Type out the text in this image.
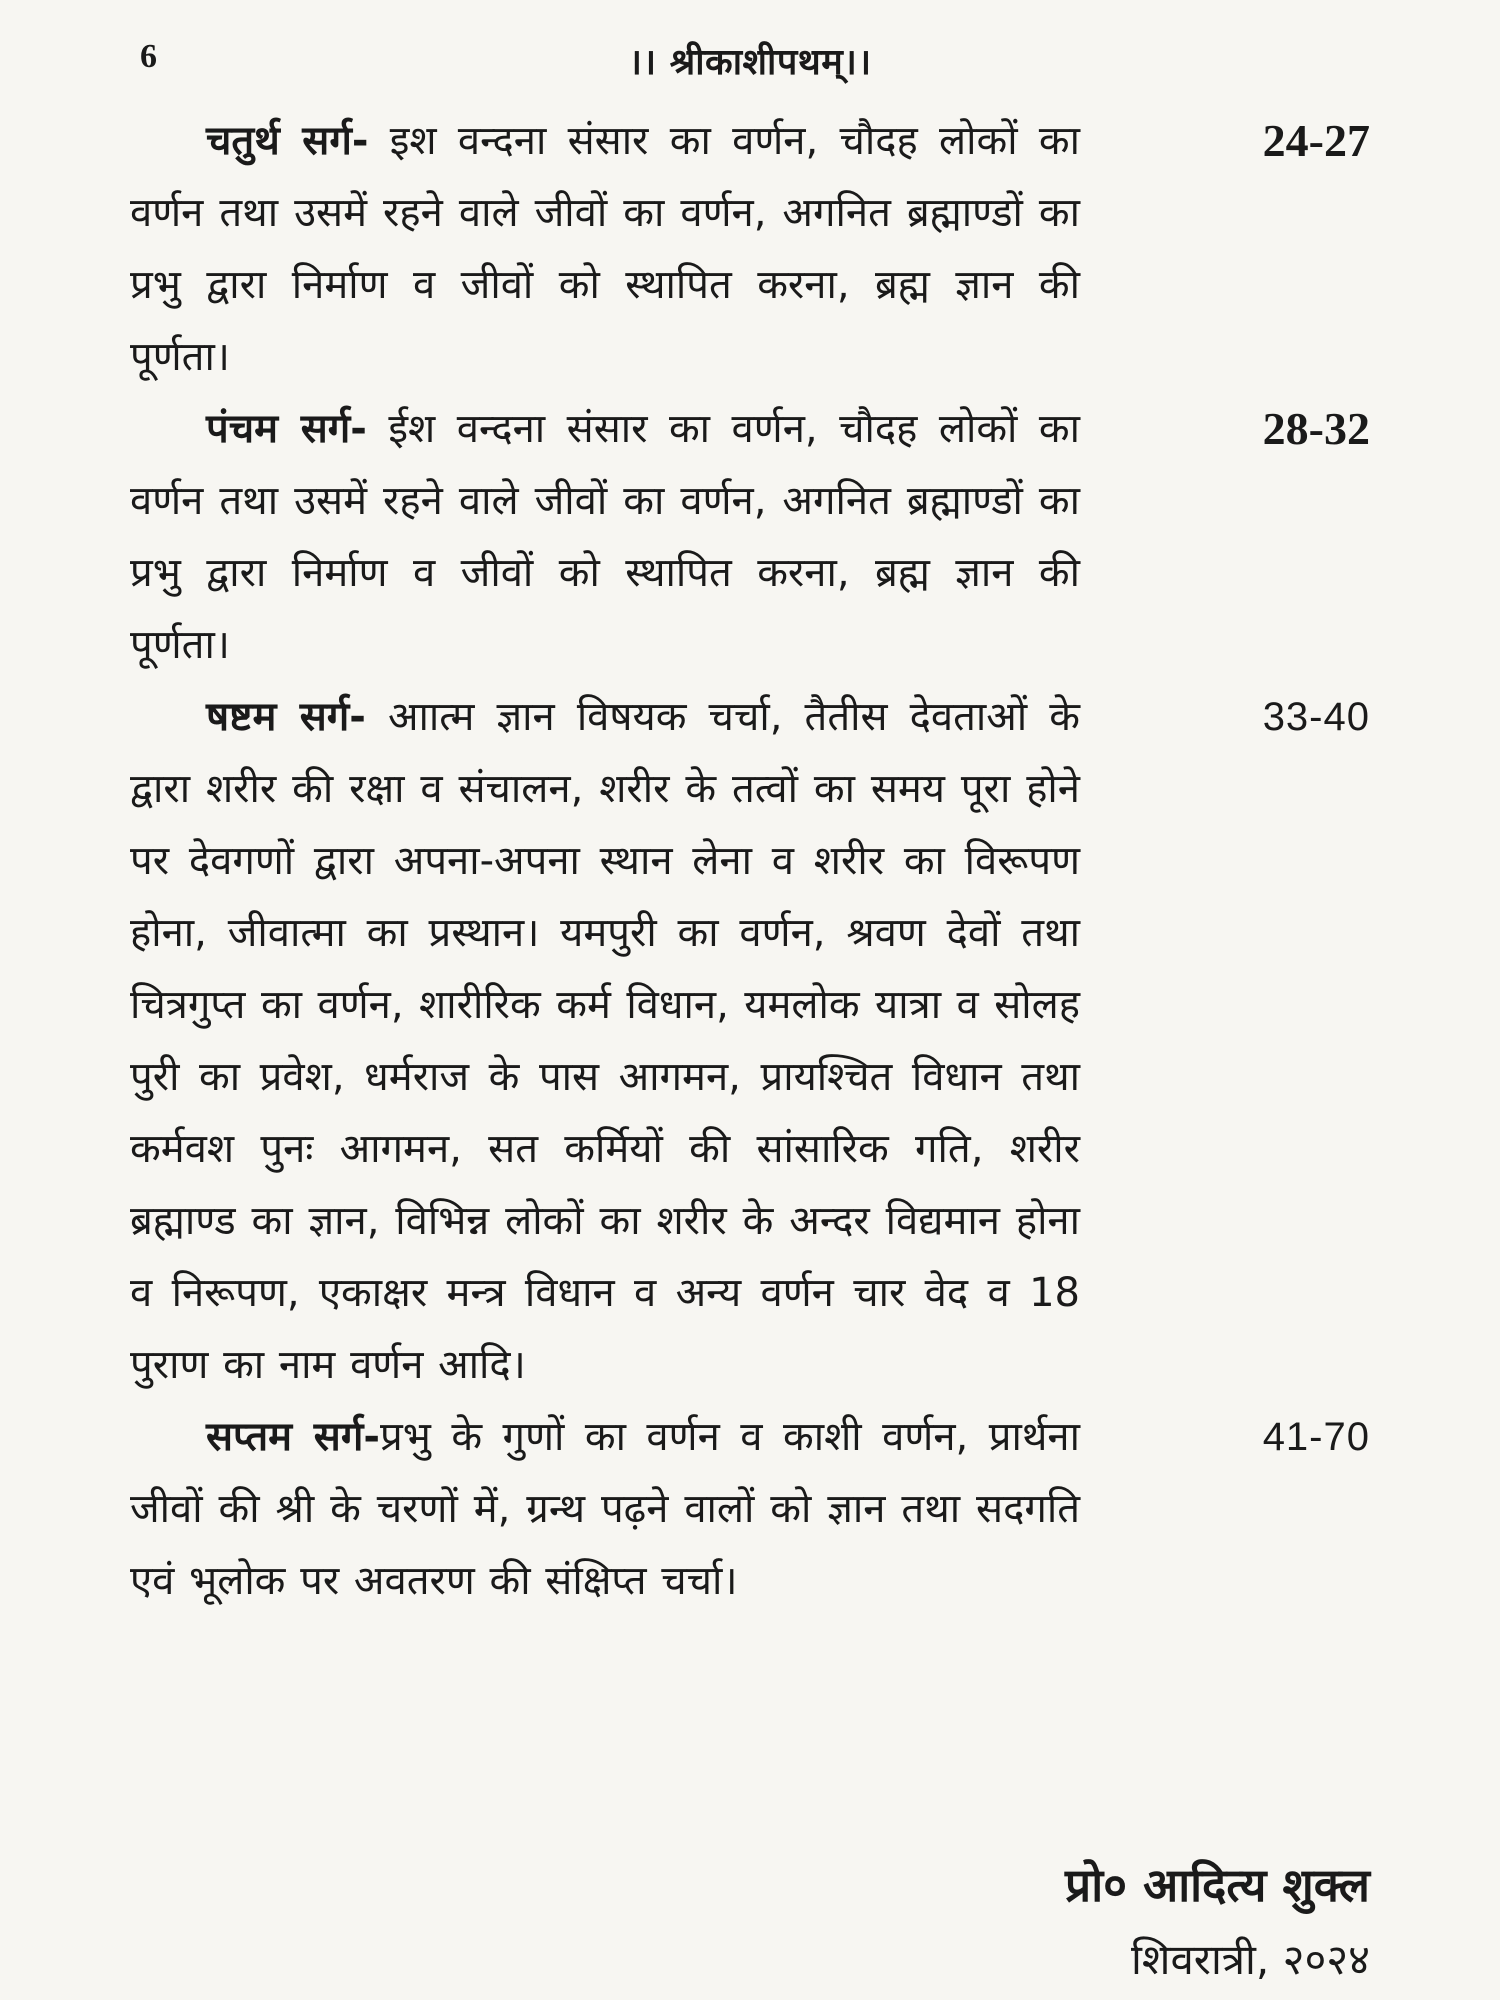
6	।। श्रीकाशीपथम्।।
चतुर्थ सर्ग- इश वन्दना संसार का वर्णन, चौदह लोकों का वर्णन तथा उसमें रहने वाले जीवों का वर्णन, अगनित ब्रह्माण्डों का प्रभु द्वारा निर्माण व जीवों को स्थापित करना, ब्रह्म ज्ञान की पूर्णता।
24-27
पंचम सर्ग- ईश वन्दना संसार का वर्णन, चौदह लोकों का वर्णन तथा उसमें रहने वाले जीवों का वर्णन, अगनित ब्रह्माण्डों का प्रभु द्वारा निर्माण व जीवों को स्थापित करना, ब्रह्म ज्ञान की पूर्णता।
28-32
षष्टम सर्ग- आात्म ज्ञान विषयक चर्चा, तैतीस देवताओं के द्वारा शरीर की रक्षा व संचालन, शरीर के तत्वों का समय पूरा होने पर देवगणों द्वारा अपना-अपना स्थान लेना व शरीर का विरूपण होना, जीवात्मा का प्रस्थान। यमपुरी का वर्णन, श्रवण देवों तथा चित्रगुप्त का वर्णन, शारीरिक कर्म विधान, यमलोक यात्रा व सोलह पुरी का प्रवेश, धर्मराज के पास आगमन, प्रायश्चित विधान तथा कर्मवश पुनः आगमन, सत कर्मियों की सांसारिक गति, शरीर ब्रह्माण्ड का ज्ञान, विभिन्न लोकों का शरीर के अन्दर विद्यमान होना व निरूपण, एकाक्षर मन्त्र विधान व अन्य वर्णन चार वेद व 18 पुराण का नाम वर्णन आदि।
33-40
सप्तम सर्ग-प्रभु के गुणों का वर्णन व काशी वर्णन, प्रार्थना जीवों की श्री के चरणों में, ग्रन्थ पढ़ने वालों को ज्ञान तथा सदगति एवं भूलोक पर अवतरण की संक्षिप्त चर्चा।
41-70
प्रो० आदित्य शुक्ल
शिवरात्री, २०२४
